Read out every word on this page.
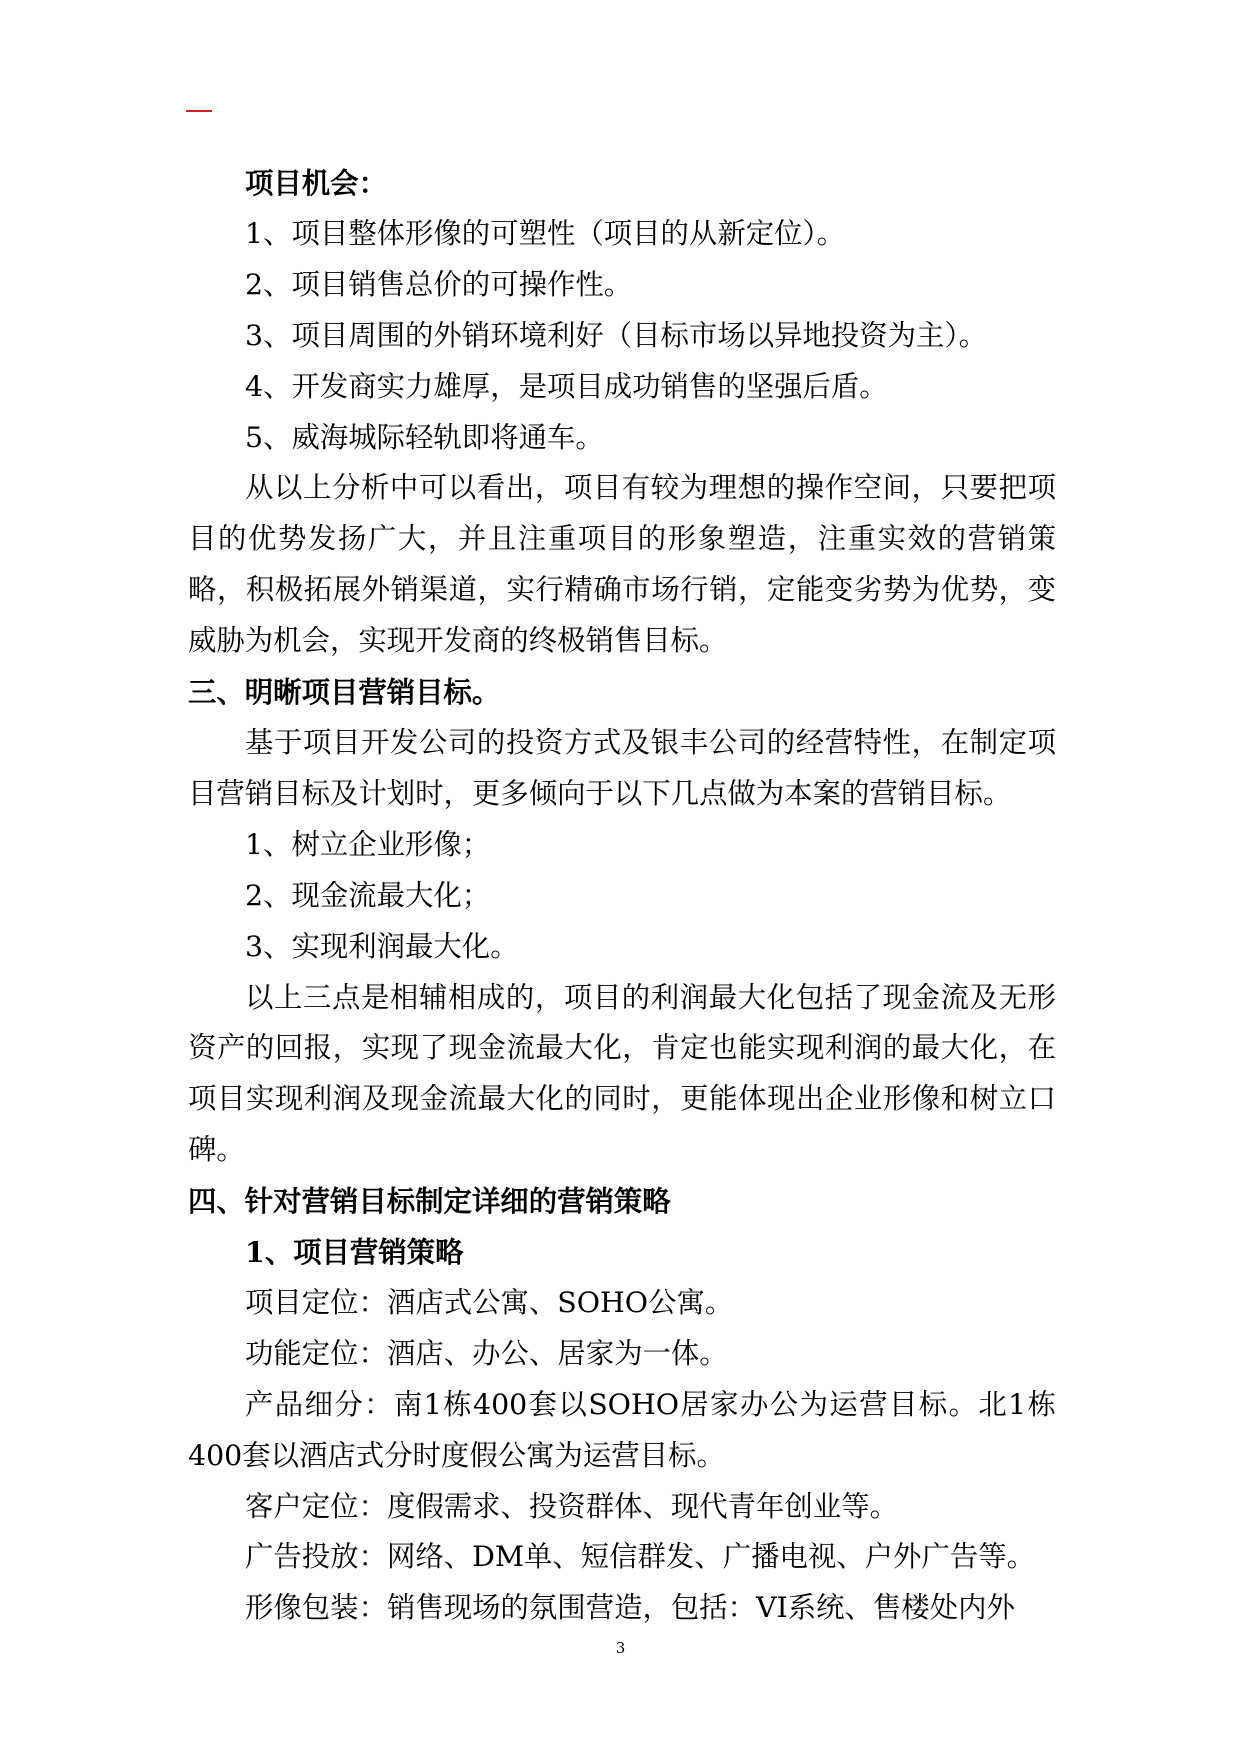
项目机会：

1、项目整体形像的可塑性（项目的从新定位）。

2、项目销售总价的可操作性。

3、项目周围的外销环境利好（目标市场以异地投资为主）。

4、开发商实力雄厚，是项目成功销售的坚强后盾。

5、威海城际轻轨即将通车。

从以上分析中可以看出，项目有较为理想的操作空间，只要把项目的优势发扬广大，并且注重项目的形象塑造，注重实效的营销策略，积极拓展外销渠道，实行精确市场行销，定能变劣势为优势，变威胁为机会，实现开发商的终极销售目标。

三、明晰项目营销目标。

基于项目开发公司的投资方式及银丰公司的经营特性，在制定项目营销目标及计划时，更多倾向于以下几点做为本案的营销目标。

1、树立企业形像；

2、现金流最大化；

3、实现利润最大化。

以上三点是相辅相成的，项目的利润最大化包括了现金流及无形资产的回报，实现了现金流最大化，肯定也能实现利润的最大化，在项目实现利润及现金流最大化的同时，更能体现出企业形像和树立口碑。

四、针对营销目标制定详细的营销策略

1、项目营销策略

项目定位：酒店式公寓、SOHO公寓。

功能定位：酒店、办公、居家为一体。

产品细分：南1栋400套以SOHO居家办公为运营目标。北1栋400套以酒店式分时度假公寓为运营目标。

客户定位：度假需求、投资群体、现代青年创业等。

广告投放：网络、DM单、短信群发、广播电视、户外广告等。

形像包装：销售现场的氛围营造，包括：VI系统、售楼处内外

3
